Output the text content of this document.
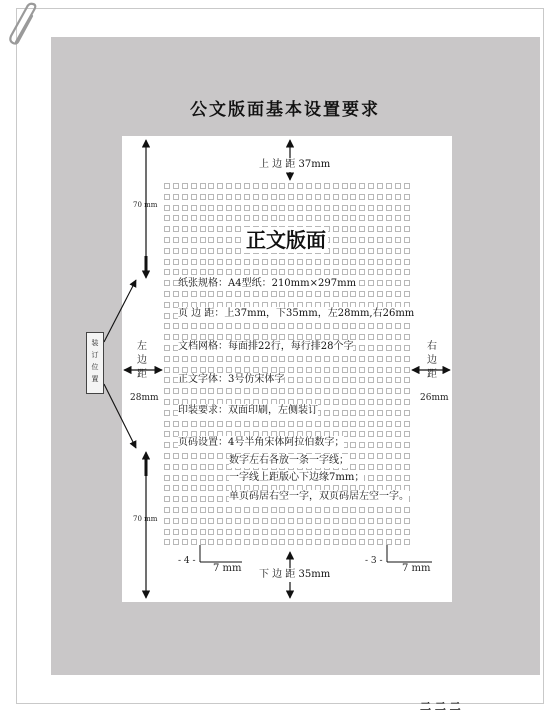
公文版面基本设置要求
上 边 距 37mm
下 边 距 35mm
正文版面
纸张规格：A4型纸：210mm×297mm
页 边 距：上37mm，下35mm，左28mm,右26mm
文档网格：每面排22行，每行排28个字
正文字体：3号仿宋体字
印装要求：双面印刷，左侧装订
页码设置：4号半角宋体阿拉伯数字；
数字左右各放一条一字线；
一字线上距版心下边缘7mm；
单页码居右空一字，双页码居左空一字。
左
边
距
28mm
右
边
距
26mm
装
订
位
置
70 mm
70 mm
- 4 -
7 mm
- 3 -
7 mm
二 二 二
